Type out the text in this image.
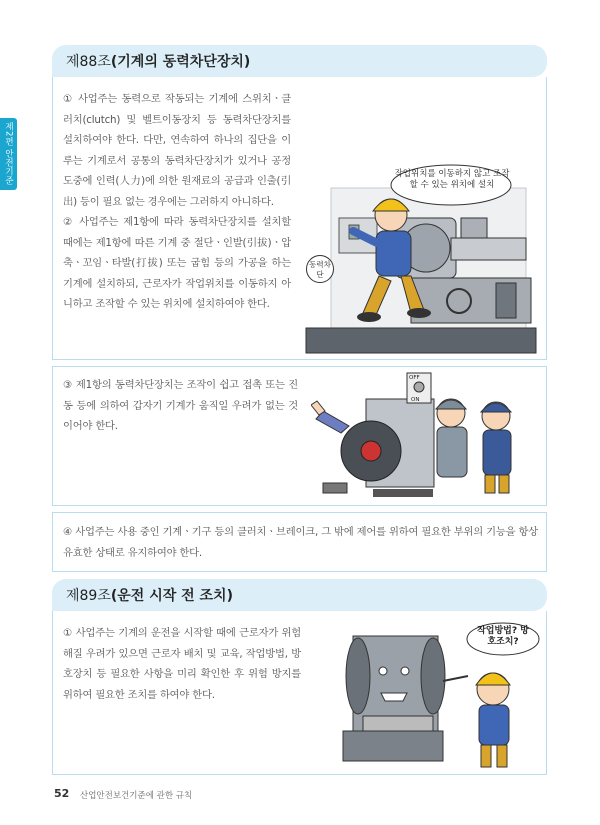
제2편 안전기준
제88조 (기계의 동력차단장치)

① 사업주는 동력으로 작동되는 기계에 스위치ㆍ클러치(clutch) 및 벨트이동장치 등 동력차단장치를 설치하여야 한다. 다만, 연속하여 하나의 집단을 이루는 기계로서 공통의 동력차단장치가 있거나 공정 도중에 인력(人力)에 의한 원재료의 공급과 인출(引出) 등이 필요 없는 경우에는 그러하지 아니하다.

② 사업주는 제1항에 따라 동력차단장치를 설치할 때에는 제1항에 따른 기계 중 절단ㆍ인발(引拔)ㆍ압축ㆍ꼬임ㆍ타발(打拔) 또는 굽힘 등의 가공을 하는 기계에 설치하되, 근로자가 작업위치를 이동하지 아니하고 조작할 수 있는 위치에 설치하여야 한다.

작업위치를 이동하지 않고 조작할 수 있는 위치에 설치
동력차단

③ 제1항의 동력차단장치는 조작이 쉽고 접촉 또는 진동 등에 의하여 갑자기 기계가 움직일 우려가 없는 것이어야 한다.

OFF
ON

④ 사업주는 사용 중인 기계ㆍ기구 등의 클러치ㆍ브레이크, 그 밖에 제어를 위하여 필요한 부위의 기능을 항상 유효한 상태로 유지하여야 한다.

제89조 (운전 시작 전 조치)

① 사업주는 기계의 운전을 시작할 때에 근로자가 위험해질 우려가 있으면 근로자 배치 및 교육, 작업방법, 방호장치 등 필요한 사항을 미리 확인한 후 위험 방지를 위하여 필요한 조치를 하여야 한다.

작업방법? 방호조치?
52 산업안전보건기준에 관한 규칙
